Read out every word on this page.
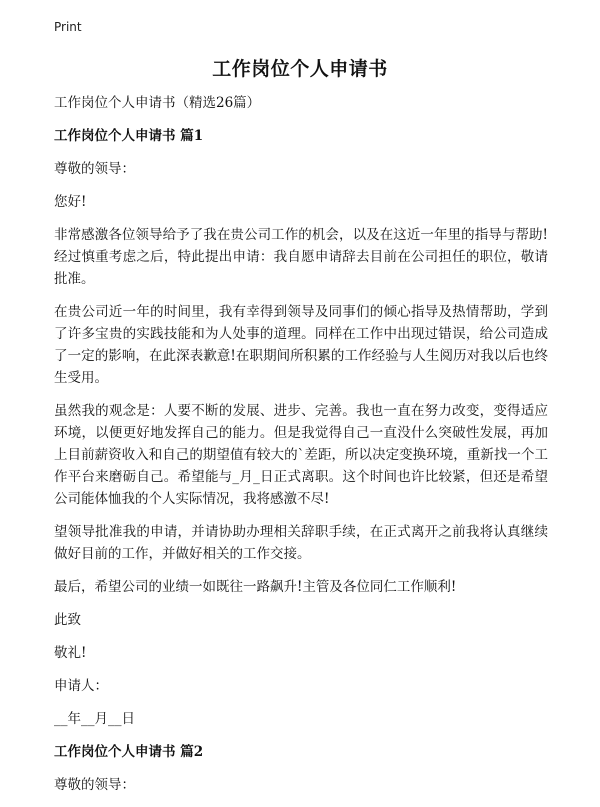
Print
工作岗位个人申请书

工作岗位个人申请书（精选26篇）

工作岗位个人申请书 篇1

尊敬的领导：

您好!

非常感激各位领导给予了我在贵公司工作的机会，以及在这近一年里的指导与帮助!经过慎重考虑之后，特此提出申请：我自愿申请辞去目前在公司担任的职位，敬请批准。

在贵公司近一年的时间里，我有幸得到领导及同事们的倾心指导及热情帮助，学到了许多宝贵的实践技能和为人处事的道理。同样在工作中出现过错误，给公司造成了一定的影响，在此深表歉意!在职期间所积累的工作经验与人生阅历对我以后也终生受用。

虽然我的观念是：人要不断的发展、进步、完善。我也一直在努力改变，变得适应环境，以便更好地发挥自己的能力。但是我觉得自己一直没什么突破性发展，再加上目前薪资收入和自己的期望值有较大的`差距，所以决定变换环境，重新找一个工作平台来磨砺自己。希望能与_月_日正式离职。这个时间也许比较紧，但还是希望公司能体恤我的个人实际情况，我将感激不尽!

望领导批准我的申请，并请协助办理相关辞职手续，在正式离开之前我将认真继续做好目前的工作，并做好相关的工作交接。

最后，希望公司的业绩一如既往一路飙升!主管及各位同仁工作顺利!

此致

敬礼!

申请人：

__年__月__日

工作岗位个人申请书 篇2

尊敬的领导：
